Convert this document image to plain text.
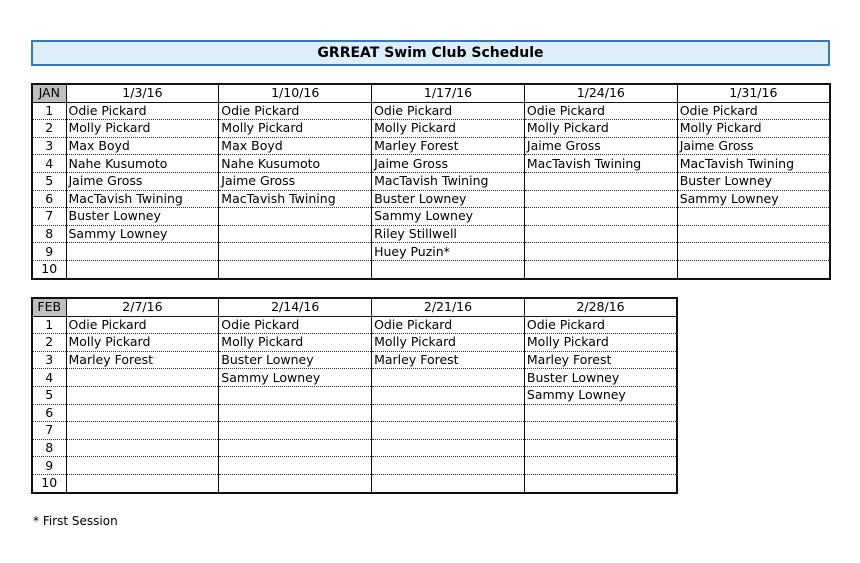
GRREAT Swim Club Schedule
JAN	1/3/16	1/10/16	1/17/16	1/24/16	1/31/16
1	Odie Pickard	Odie Pickard	Odie Pickard	Odie Pickard	Odie Pickard
2	Molly Pickard	Molly Pickard	Molly Pickard	Molly Pickard	Molly Pickard
3	Max Boyd	Max Boyd	Marley Forest	Jaime Gross	Jaime Gross
4	Nahe Kusumoto	Nahe Kusumoto	Jaime Gross	MacTavish Twining	MacTavish Twining
5	Jaime Gross	Jaime Gross	MacTavish Twining		Buster Lowney
6	MacTavish Twining	MacTavish Twining	Buster Lowney		Sammy Lowney
7	Buster Lowney		Sammy Lowney		
8	Sammy Lowney		Riley Stillwell		
9			Huey Puzin*		
10					
FEB	2/7/16	2/14/16	2/21/16	2/28/16
1	Odie Pickard	Odie Pickard	Odie Pickard	Odie Pickard
2	Molly Pickard	Molly Pickard	Molly Pickard	Molly Pickard
3	Marley Forest	Buster Lowney	Marley Forest	Marley Forest
4		Sammy Lowney		Buster Lowney
5				Sammy Lowney
6				
7				
8				
9				
10				
* First Session
